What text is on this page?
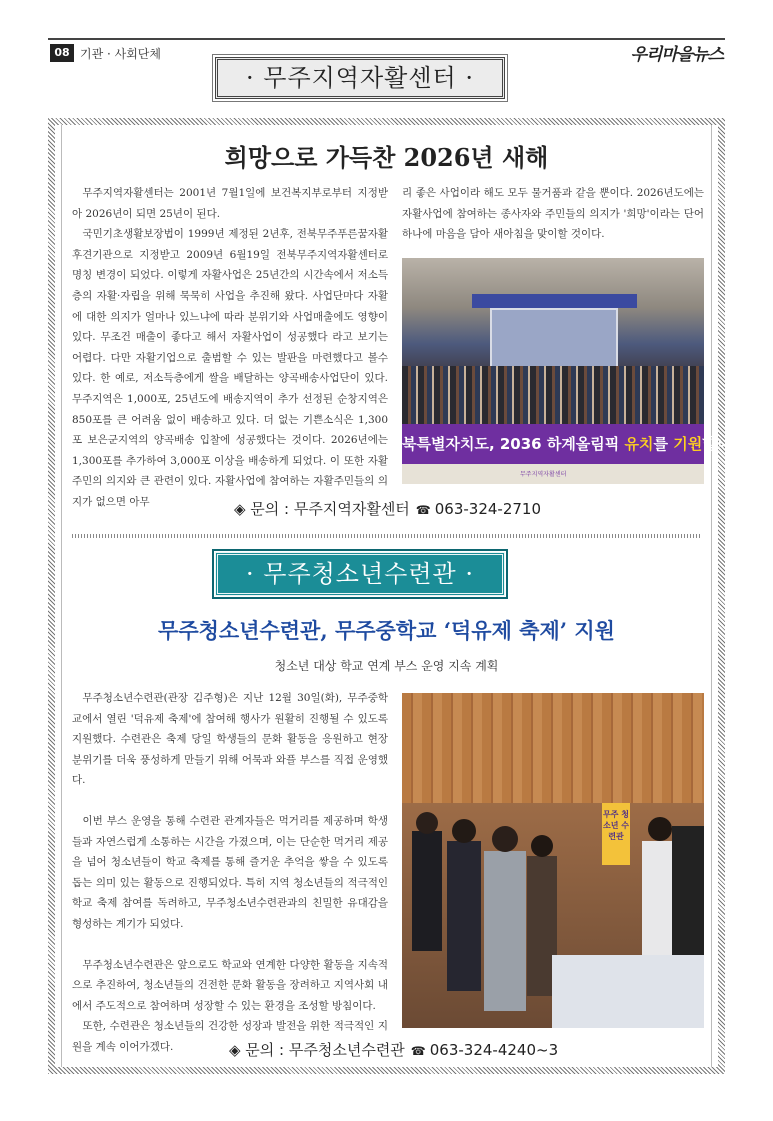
08 기관 · 사회단체	우리마을뉴스
· 무주지역자활센터 ·
희망으로 가득찬 2026년 새해

무주지역자활센터는 2001년 7월1일에 보건복지부로부터 지정받아 2026년이 되면 25년이 된다.

국민기초생활보장법이 1999년 제정된 2년후, 전북무주푸른꿈자활후견기관으로 지정받고 2009년 6월19일 전북무주지역자활센터로 명칭 변경이 되었다. 이렇게 자활사업은 25년간의 시간속에서 저소득층의 자활·자립을 위해 묵묵히 사업을 추진해 왔다. 사업단마다 자활에 대한 의지가 얼마나 있느냐에 따라 분위기와 사업매출에도 영향이 있다. 무조건 매출이 좋다고 해서 자활사업이 성공했다 라고 보기는 어렵다. 다만 자활기업으로 출범할 수 있는 발판을 마련했다고 볼수 있다. 한 예로, 저소득층에게 쌀을 배달하는 양곡배송사업단이 있다. 무주지역은 1,000포, 25년도에 배송지역이 추가 선정된 순창지역은 850포를 큰 어려움 없이 배송하고 있다. 더 없는 기쁜소식은 1,300포 보은군지역의 양곡배송 입찰에 성공했다는 것이다. 2026년에는 1,300포를 추가하여 3,000포 이상을 배송하게 되었다. 이 또한 자활주민의 의지와 큰 관련이 있다. 자활사업에 참여하는 자활주민들의 의지가 없으면 아무

리 좋은 사업이라 해도 모두 물거품과 같을 뿐이다. 2026년도에는 자활사업에 참여하는 종사자와 주민들의 의지가 '희망'이라는 단어 하나에 마음을 담아 새아침을 맞이할 것이다.

북특별자치도, 2036 하계올림픽 유치를 기원합니다!
무주지역자활센터
◈ 문의 : 무주지역자활센터 ☎ 063-324-2710
· 무주청소년수련관 ·
무주청소년수련관, 무주중학교 ‘덕유제 축제’ 지원
청소년 대상 학교 연계 부스 운영 지속 계획

무주청소년수련관(관장 김주형)은 지난 12월 30일(화), 무주중학교에서 열린 '덕유제 축제'에 참여해 행사가 원활히 진행될 수 있도록 지원했다. 수련관은 축제 당일 학생들의 문화 활동을 응원하고 현장 분위기를 더욱 풍성하게 만들기 위해 어묵과 와플 부스를 직접 운영했다.

이번 부스 운영을 통해 수련관 관계자들은 먹거리를 제공하며 학생들과 자연스럽게 소통하는 시간을 가졌으며, 이는 단순한 먹거리 제공을 넘어 청소년들이 학교 축제를 통해 즐거운 추억을 쌓을 수 있도록 돕는 의미 있는 활동으로 진행되었다. 특히 지역 청소년들의 적극적인 학교 축제 참여를 독려하고, 무주청소년수련관과의 친밀한 유대감을 형성하는 계기가 되었다.

무주청소년수련관은 앞으로도 학교와 연계한 다양한 활동을 지속적으로 추진하여, 청소년들의 건전한 문화 활동을 장려하고 지역사회 내에서 주도적으로 참여하며 성장할 수 있는 환경을 조성할 방침이다.

또한, 수련관은 청소년들의 건강한 성장과 발전을 위한 적극적인 지원을 계속 이어가겠다.

무주 청소년 수련관
◈ 문의 : 무주청소년수련관 ☎ 063-324-4240~3
